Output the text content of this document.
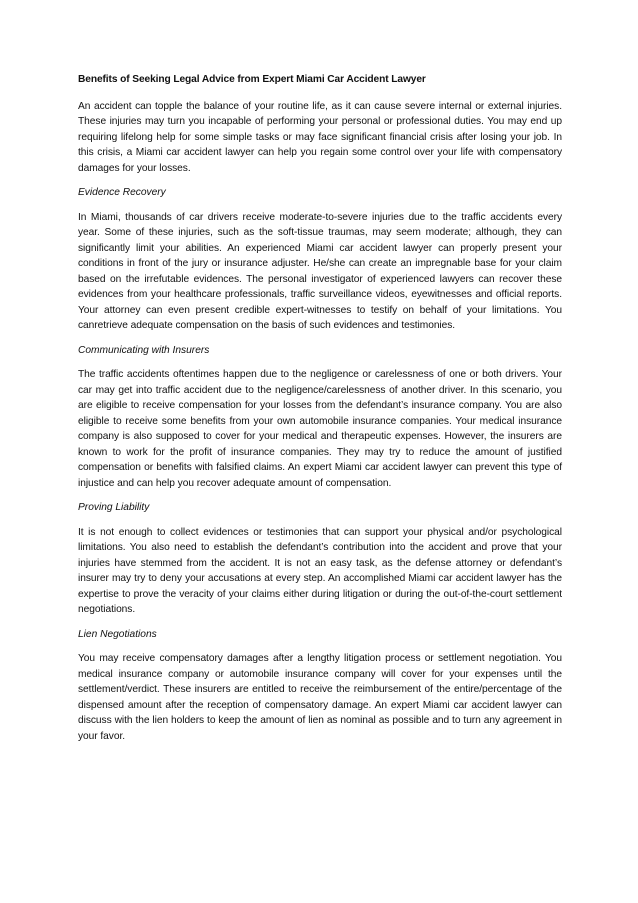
Benefits of Seeking Legal Advice from Expert Miami Car Accident Lawyer

An accident can topple the balance of your routine life, as it can cause severe internal or external injuries. These injuries may turn you incapable of performing your personal or professional duties. You may end up requiring lifelong help for some simple tasks or may face significant financial crisis after losing your job. In this crisis, a Miami car accident lawyer can help you regain some control over your life with compensatory damages for your losses.

Evidence Recovery

In Miami, thousands of car drivers receive moderate-to-severe injuries due to the traffic accidents every year. Some of these injuries, such as the soft-tissue traumas, may seem moderate; although, they can significantly limit your abilities. An experienced Miami car accident lawyer can properly present your conditions in front of the jury or insurance adjuster. He/she can create an impregnable base for your claim based on the irrefutable evidences. The personal investigator of experienced lawyers can recover these evidences from your healthcare professionals, traffic surveillance videos, eyewitnesses and official reports. Your attorney can even present credible expert-witnesses to testify on behalf of your limitations. You canretrieve adequate compensation on the basis of such evidences and testimonies.

Communicating with Insurers

The traffic accidents oftentimes happen due to the negligence or carelessness of one or both drivers. Your car may get into traffic accident due to the negligence/carelessness of another driver. In this scenario, you are eligible to receive compensation for your losses from the defendant’s insurance company. You are also eligible to receive some benefits from your own automobile insurance companies. Your medical insurance company is also supposed to cover for your medical and therapeutic expenses. However, the insurers are known to work for the profit of insurance companies. They may try to reduce the amount of justified compensation or benefits with falsified claims. An expert Miami car accident lawyer can prevent this type of injustice and can help you recover adequate amount of compensation.

Proving Liability

It is not enough to collect evidences or testimonies that can support your physical and/or psychological limitations. You also need to establish the defendant’s contribution into the accident and prove that your injuries have stemmed from the accident. It is not an easy task, as the defense attorney or defendant’s insurer may try to deny your accusations at every step. An accomplished Miami car accident lawyer has the expertise to prove the veracity of your claims either during litigation or during the out-of-the-court settlement negotiations.

Lien Negotiations

You may receive compensatory damages after a lengthy litigation process or settlement negotiation. You medical insurance company or automobile insurance company will cover for your expenses until the settlement/verdict. These insurers are entitled to receive the reimbursement of the entire/percentage of the dispensed amount after the reception of compensatory damage. An expert Miami car accident lawyer can discuss with the lien holders to keep the amount of lien as nominal as possible and to turn any agreement in your favor.
